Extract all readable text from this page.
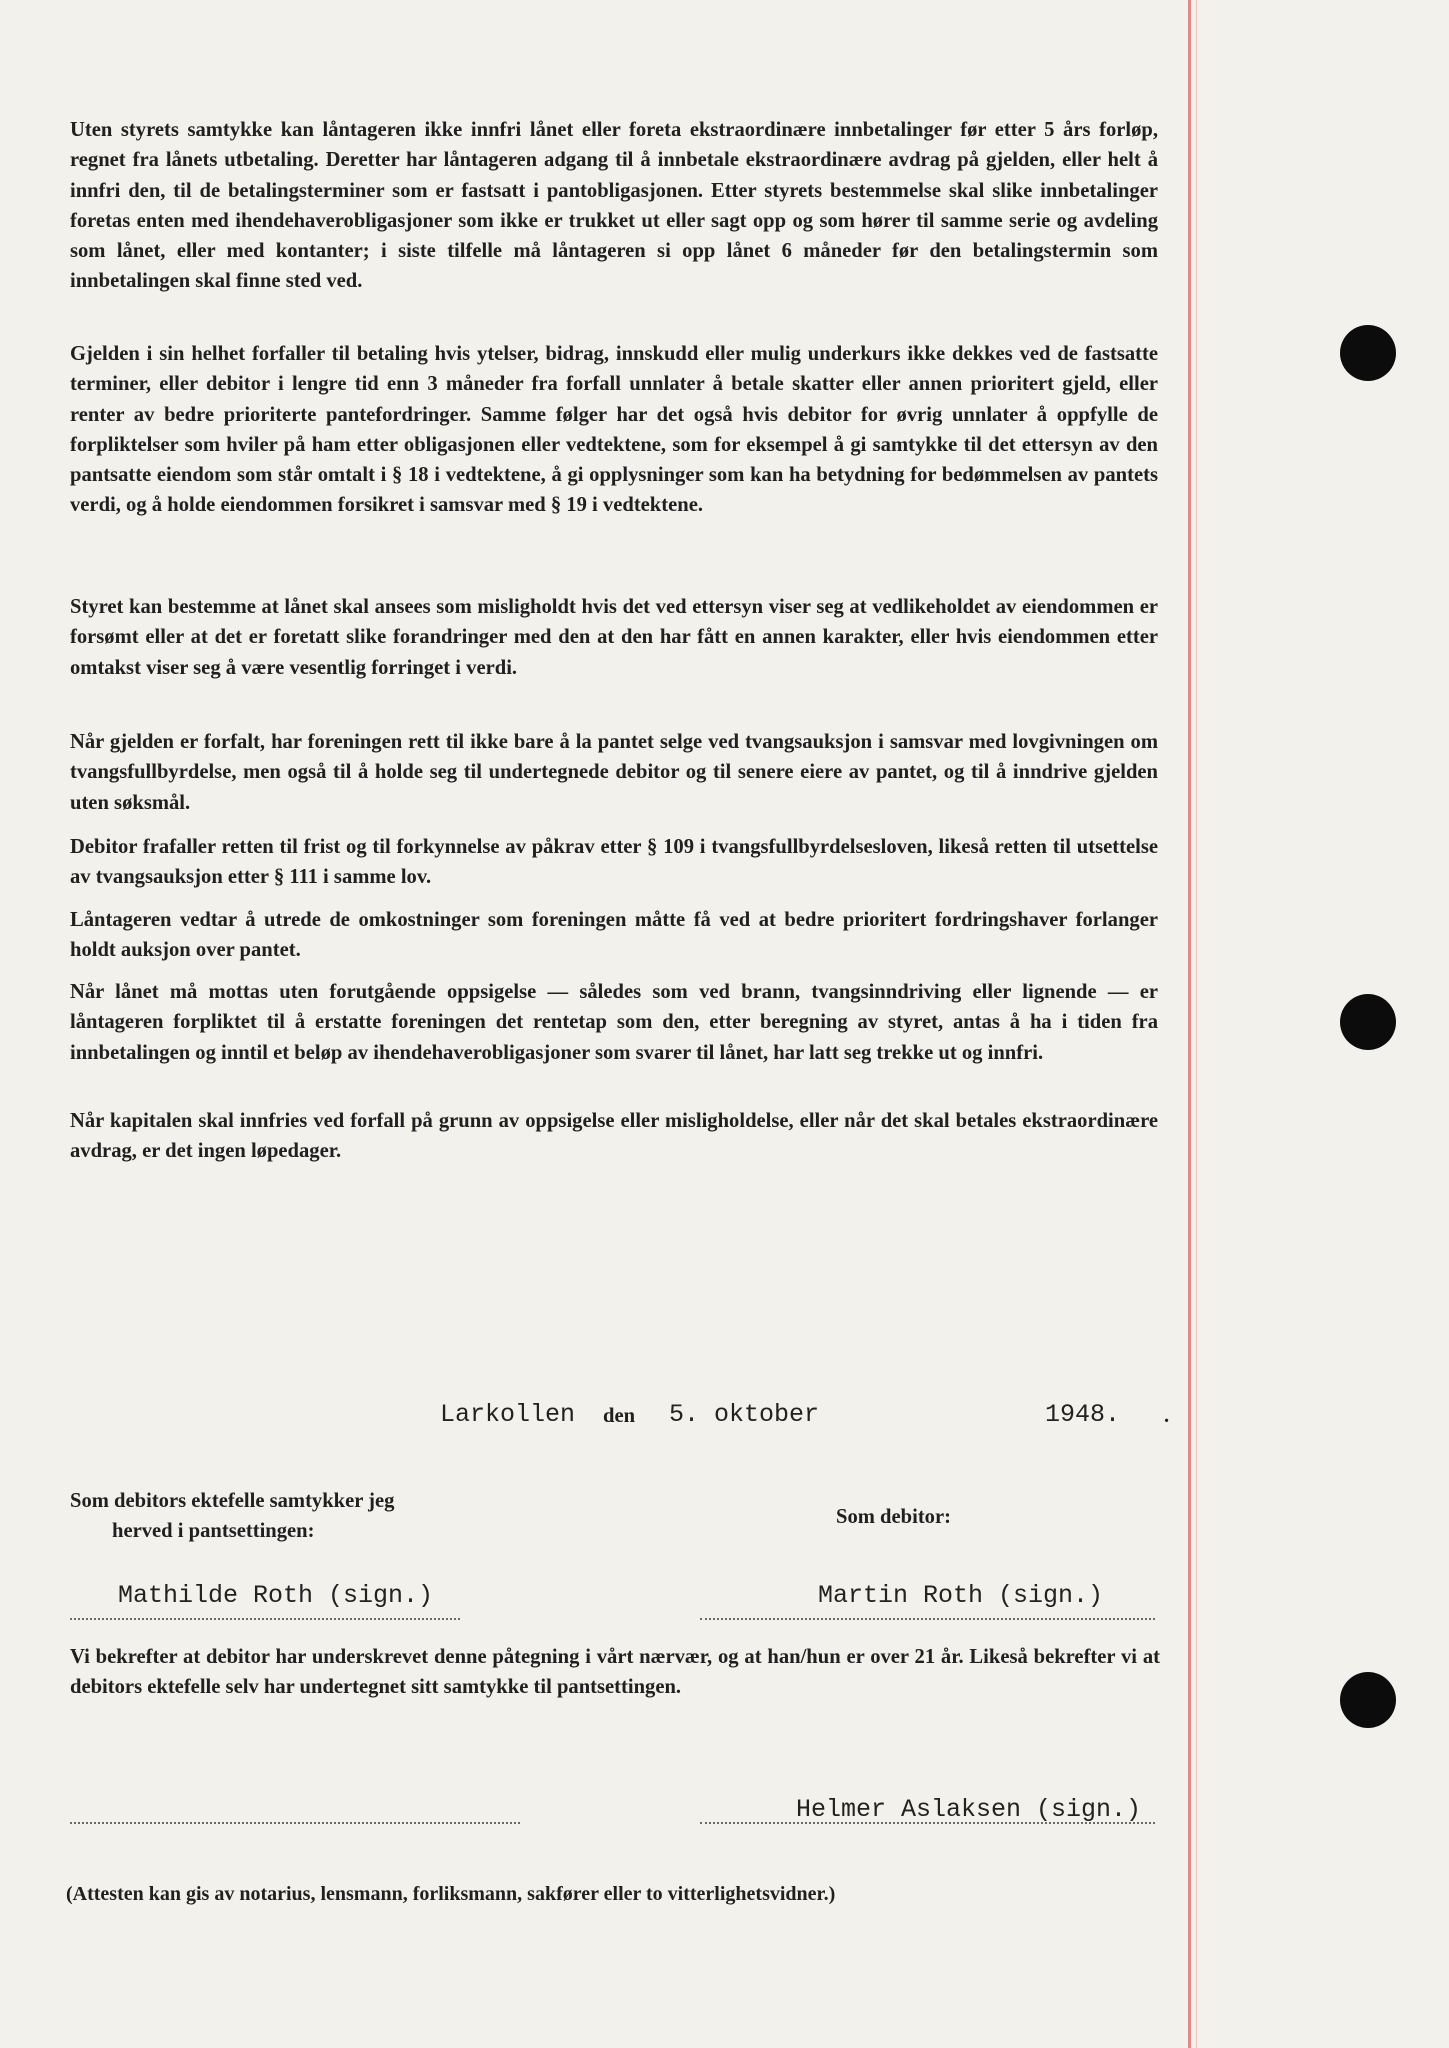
Uten styrets samtykke kan låntageren ikke innfri lånet eller foreta ekstraordinære innbetalinger før etter 5 års forløp, regnet fra lånets utbetaling. Deretter har låntageren adgang til å innbetale ekstraordinære avdrag på gjelden, eller helt å innfri den, til de betalingsterminer som er fastsatt i pantobligasjonen. Etter styrets bestemmelse skal slike innbetalinger foretas enten med ihendehaverobligasjoner som ikke er trukket ut eller sagt opp og som hører til samme serie og avdeling som lånet, eller med kontanter; i siste tilfelle må låntageren si opp lånet 6 måneder før den betalingstermin som innbetalingen skal finne sted ved.

Gjelden i sin helhet forfaller til betaling hvis ytelser, bidrag, innskudd eller mulig underkurs ikke dekkes ved de fastsatte terminer, eller debitor i lengre tid enn 3 måneder fra forfall unnlater å betale skatter eller annen prioritert gjeld, eller renter av bedre prioriterte pantefordringer. Samme følger har det også hvis debitor for øvrig unnlater å oppfylle de forpliktelser som hviler på ham etter obligasjonen eller vedtektene, som for eksempel å gi samtykke til det ettersyn av den pantsatte eiendom som står omtalt i § 18 i vedtektene, å gi opplysninger som kan ha betydning for bedømmelsen av pantets verdi, og å holde eiendommen forsikret i samsvar med § 19 i vedtektene.

Styret kan bestemme at lånet skal ansees som misligholdt hvis det ved ettersyn viser seg at vedlikeholdet av eiendommen er forsømt eller at det er foretatt slike forandringer med den at den har fått en annen karakter, eller hvis eiendommen etter omtakst viser seg å være vesentlig forringet i verdi.

Når gjelden er forfalt, har foreningen rett til ikke bare å la pantet selge ved tvangsauksjon i samsvar med lovgivningen om tvangsfullbyrdelse, men også til å holde seg til undertegnede debitor og til senere eiere av pantet, og til å inndrive gjelden uten søksmål.

Debitor frafaller retten til frist og til forkynnelse av påkrav etter § 109 i tvangsfullbyrdelsesloven, likeså retten til utsettelse av tvangsauksjon etter § 111 i samme lov.

Låntageren vedtar å utrede de omkostninger som foreningen måtte få ved at bedre prioritert fordringshaver forlanger holdt auksjon over pantet.

Når lånet må mottas uten forutgående oppsigelse — således som ved brann, tvangsinndriving eller lignende — er låntageren forpliktet til å erstatte foreningen det rentetap som den, etter beregning av styret, antas å ha i tiden fra innbetalingen og inntil et beløp av ihendehaverobligasjoner som svarer til lånet, har latt seg trekke ut og innfri.

Når kapitalen skal innfries ved forfall på grunn av oppsigelse eller misligholdelse, eller når det skal betales ekstraordinære avdrag, er det ingen løpedager.

Larkollen den 5. oktober	1948. .
Som debitors ektefelle samtykker jeg
herved i pantsettingen:
Som debitor:
Mathilde Roth (sign.)	Martin Roth (sign.)

Vi bekrefter at debitor har underskrevet denne påtegning i vårt nærvær, og at han/hun er over 21 år. Likeså bekrefter vi at debitors ektefelle selv har undertegnet sitt samtykke til pantsettingen.

Helmer Aslaksen (sign.)
(Attesten kan gis av notarius, lensmann, forliksmann, sakfører eller to vitterlighetsvidner.)
